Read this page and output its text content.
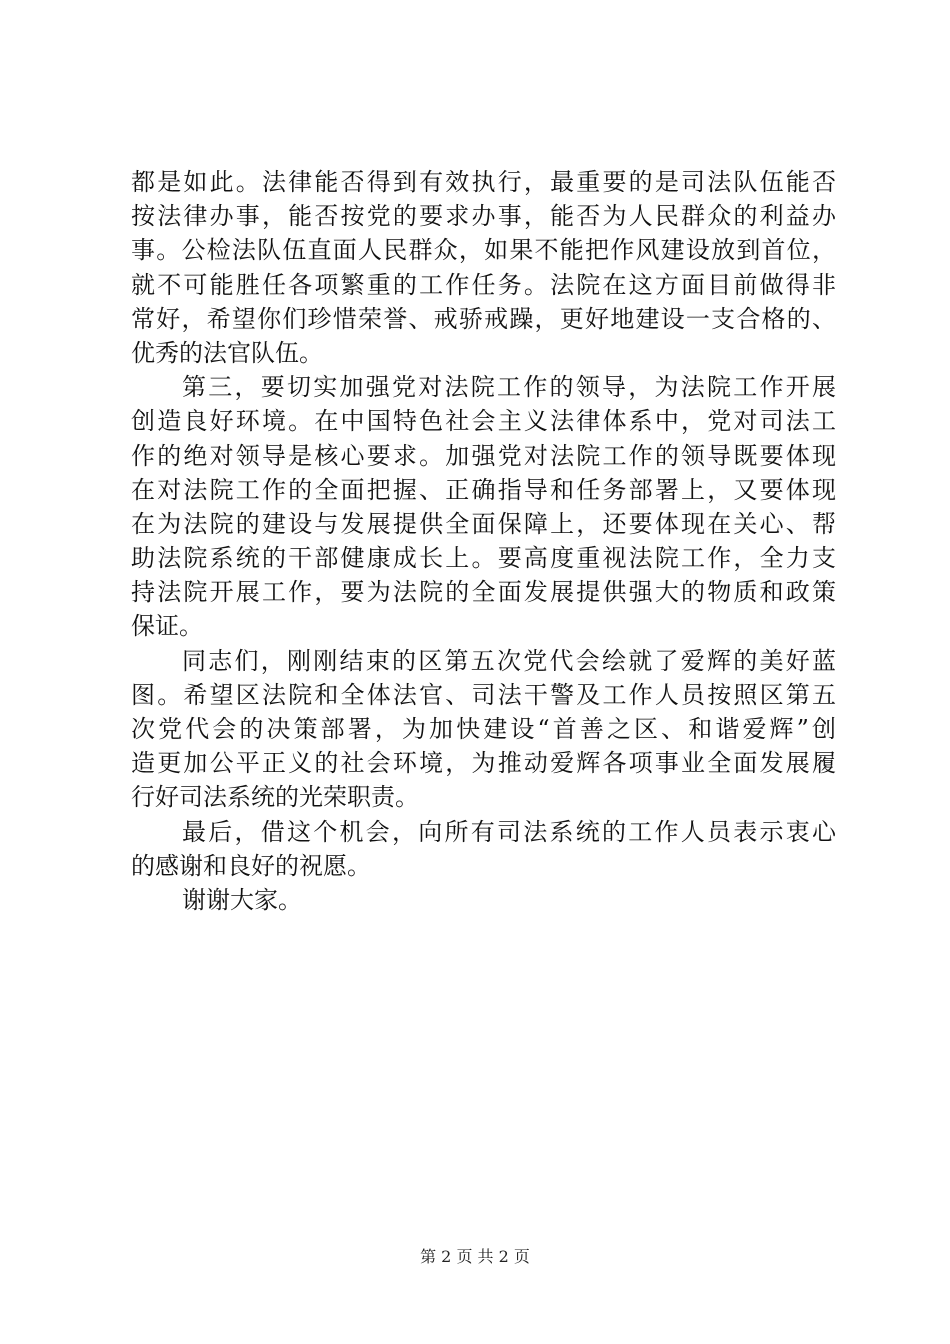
都是如此。法律能否得到有效执行，最重要的是司法队伍能否
按法律办事，能否按党的要求办事，能否为人民群众的利益办
事。公检法队伍直面人民群众，如果不能把作风建设放到首位，
就不可能胜任各项繁重的工作任务。法院在这方面目前做得非
常好，希望你们珍惜荣誉、戒骄戒躁，更好地建设一支合格的、
优秀的法官队伍。
第三，要切实加强党对法院工作的领导，为法院工作开展
创造良好环境。在中国特色社会主义法律体系中，党对司法工
作的绝对领导是核心要求。加强党对法院工作的领导既要体现
在对法院工作的全面把握、正确指导和任务部署上，又要体现
在为法院的建设与发展提供全面保障上，还要体现在关心、帮
助法院系统的干部健康成长上。要高度重视法院工作，全力支
持法院开展工作，要为法院的全面发展提供强大的物质和政策
保证。
同志们，刚刚结束的区第五次党代会绘就了爱辉的美好蓝
图。希望区法院和全体法官、司法干警及工作人员按照区第五
次党代会的决策部署，为加快建设“首善之区、和谐爱辉”创
造更加公平正义的社会环境，为推动爱辉各项事业全面发展履
行好司法系统的光荣职责。
最后，借这个机会，向所有司法系统的工作人员表示衷心
的感谢和良好的祝愿。
谢谢大家。
第 2 页 共 2 页
